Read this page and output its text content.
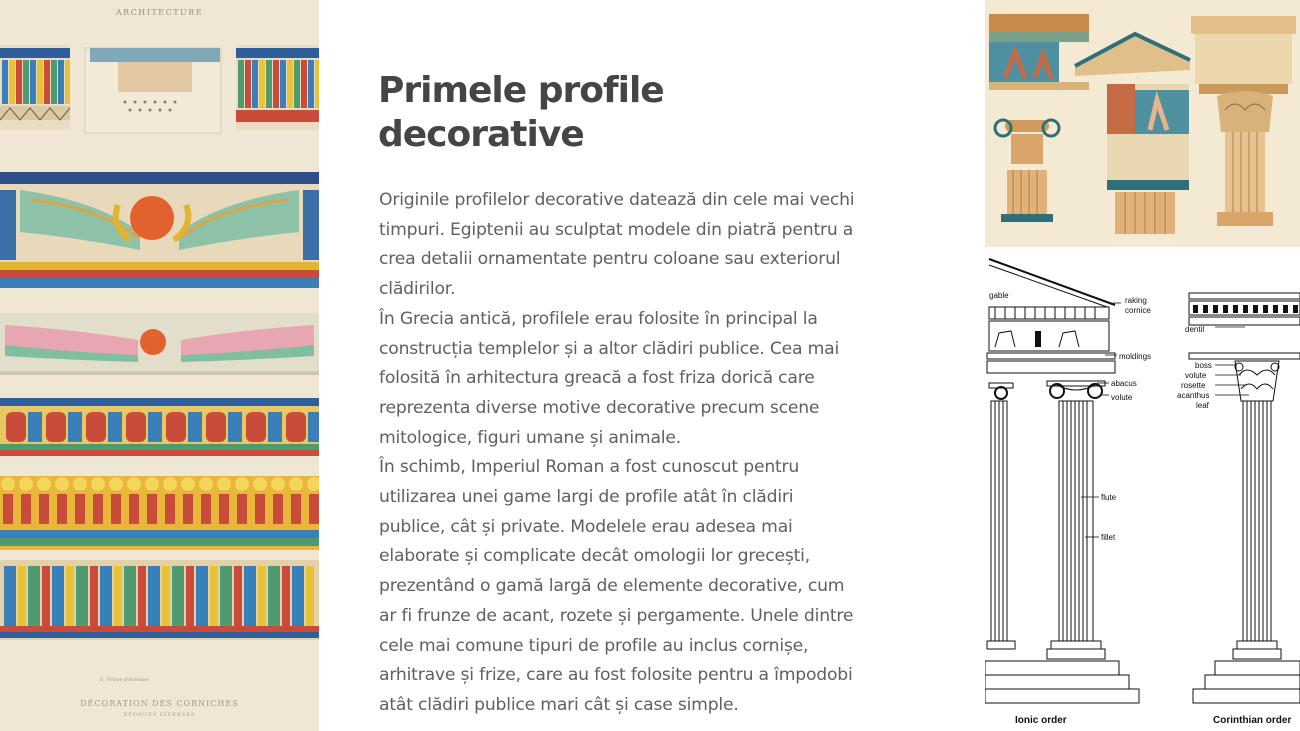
ARCHITECTURE
E. Prisse d'Avennes
DÉCORATION DES CORNICHES
ÉPOQUES DIVERSES
Primele profile
decorative

Originile profilelor decorative datează din cele mai vechi

timpuri. Egiptenii au sculptat modele din piatră pentru a

crea detalii ornamentate pentru coloane sau exteriorul

clădirilor.

În Grecia antică, profilele erau folosite în principal la

construcția templelor și a altor clădiri publice. Cea mai

folosită în arhitectura greacă a fost friza dorică care

reprezenta diverse motive decorative precum scene

mitologice, figuri umane și animale.

În schimb, Imperiul Roman a fost cunoscut pentru

utilizarea unei game largi de profile atât în clădiri

publice, cât și private. Modelele erau adesea mai

elaborate și complicate decât omologii lor grecești,

prezentând o gamă largă de elemente decorative, cum

ar fi frunze de acant, rozete și pergamente. Unele dintre

cele mai comune tipuri de profile au inclus cornișe,

arhitrave și frize, care au fost folosite pentru a împodobi

atât clădiri publice mari cât și case simple.

gable
raking
cornice
dentil
moldings
boss
volute
abacus	rosette
volute	acanthus
leaf
flute
fillet
Ionic order	Corinthian order
